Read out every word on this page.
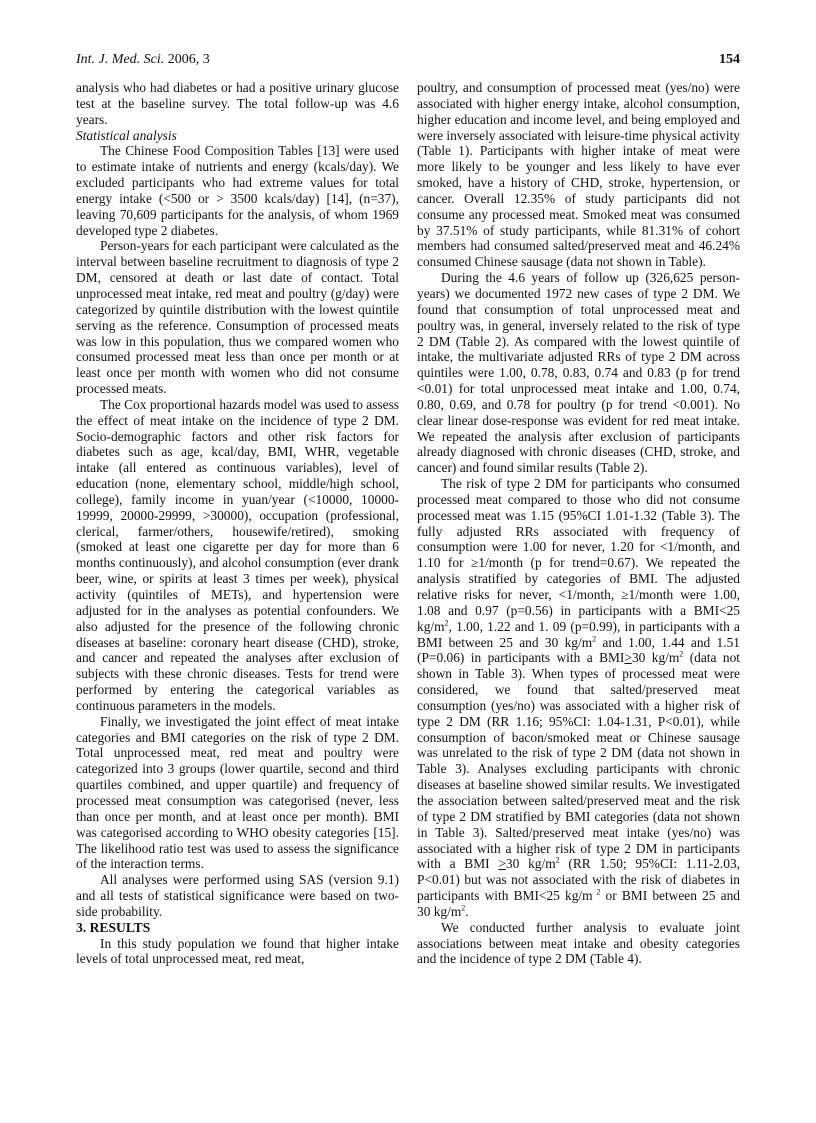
Int. J. Med. Sci. 2006, 3	154

analysis who had diabetes or had a positive urinary glucose test at the baseline survey. The total follow-up was 4.6 years.

Statistical analysis

The Chinese Food Composition Tables [13] were used to estimate intake of nutrients and energy (kcals/day). We excluded participants who had extreme values for total energy intake (<500 or > 3500 kcals/day) [14], (n=37), leaving 70,609 participants for the analysis, of whom 1969 developed type 2 diabetes.

Person-years for each participant were calculated as the interval between baseline recruitment to diagnosis of type 2 DM, censored at death or last date of contact. Total unprocessed meat intake, red meat and poultry (g/day) were categorized by quintile distribution with the lowest quintile serving as the reference. Consumption of processed meats was low in this population, thus we compared women who consumed processed meat less than once per month or at least once per month with women who did not consume processed meats.

The Cox proportional hazards model was used to assess the effect of meat intake on the incidence of type 2 DM. Socio-demographic factors and other risk factors for diabetes such as age, kcal/day, BMI, WHR, vegetable intake (all entered as continuous variables), level of education (none, elementary school, middle/high school, college), family income in yuan/year (<10000, 10000-19999, 20000-29999, >30000), occupation (professional, clerical, farmer/others, housewife/retired), smoking (smoked at least one cigarette per day for more than 6 months continuously), and alcohol consumption (ever drank beer, wine, or spirits at least 3 times per week), physical activity (quintiles of METs), and hypertension were adjusted for in the analyses as potential confounders. We also adjusted for the presence of the following chronic diseases at baseline: coronary heart disease (CHD), stroke, and cancer and repeated the analyses after exclusion of subjects with these chronic diseases. Tests for trend were performed by entering the categorical variables as continuous parameters in the models.

Finally, we investigated the joint effect of meat intake categories and BMI categories on the risk of type 2 DM. Total unprocessed meat, red meat and poultry were categorized into 3 groups (lower quartile, second and third quartiles combined, and upper quartile) and frequency of processed meat consumption was categorised (never, less than once per month, and at least once per month). BMI was categorised according to WHO obesity categories [15]. The likelihood ratio test was used to assess the significance of the interaction terms.

All analyses were performed using SAS (version 9.1) and all tests of statistical significance were based on two-side probability.

3. RESULTS

In this study population we found that higher intake levels of total unprocessed meat, red meat,

poultry, and consumption of processed meat (yes/no) were associated with higher energy intake, alcohol consumption, higher education and income level, and being employed and were inversely associated with leisure-time physical activity (Table 1). Participants with higher intake of meat were more likely to be younger and less likely to have ever smoked, have a history of CHD, stroke, hypertension, or cancer. Overall 12.35% of study participants did not consume any processed meat. Smoked meat was consumed by 37.51% of study participants, while 81.31% of cohort members had consumed salted/preserved meat and 46.24% consumed Chinese sausage (data not shown in Table).

During the 4.6 years of follow up (326,625 person-years) we documented 1972 new cases of type 2 DM. We found that consumption of total unprocessed meat and poultry was, in general, inversely related to the risk of type 2 DM (Table 2). As compared with the lowest quintile of intake, the multivariate adjusted RRs of type 2 DM across quintiles were 1.00, 0.78, 0.83, 0.74 and 0.83 (p for trend <0.01) for total unprocessed meat intake and 1.00, 0.74, 0.80, 0.69, and 0.78 for poultry (p for trend <0.001). No clear linear dose-response was evident for red meat intake. We repeated the analysis after exclusion of participants already diagnosed with chronic diseases (CHD, stroke, and cancer) and found similar results (Table 2).

The risk of type 2 DM for participants who consumed processed meat compared to those who did not consume processed meat was 1.15 (95%CI 1.01-1.32 (Table 3). The fully adjusted RRs associated with frequency of consumption were 1.00 for never, 1.20 for <1/month, and 1.10 for ≥1/month (p for trend=0.67). We repeated the analysis stratified by categories of BMI. The adjusted relative risks for never, <1/month, ≥1/month were 1.00, 1.08 and 0.97 (p=0.56) in participants with a BMI<25 $kg/m^2$, 1.00, 1.22 and 1. 09 (p=0.99), in participants with a BMI between 25 and 30 $kg/m^2$ and 1.00, 1.44 and 1.51 (P=0.06) in participants with a BMI≥30 $kg/m^2$ (data not shown in Table 3). When types of processed meat were considered, we found that salted/preserved meat consumption (yes/no) was associated with a higher risk of type 2 DM (RR 1.16; 95%CI: 1.04-1.31, P<0.01), while consumption of bacon/smoked meat or Chinese sausage was unrelated to the risk of type 2 DM (data not shown in Table 3). Analyses excluding participants with chronic diseases at baseline showed similar results. We investigated the association between salted/preserved meat and the risk of type 2 DM stratified by BMI categories (data not shown in Table 3). Salted/preserved meat intake (yes/no) was associated with a higher risk of type 2 DM in participants with a BMI ≥30 $kg/m^2$ (RR 1.50; 95%CI: 1.11-2.03, P<0.01) but was not associated with the risk of diabetes in participants with BMI<25 kg/m $^2$ or BMI between 25 and 30 $kg/m^2$.

We conducted further analysis to evaluate joint associations between meat intake and obesity categories and the incidence of type 2 DM (Table 4).
